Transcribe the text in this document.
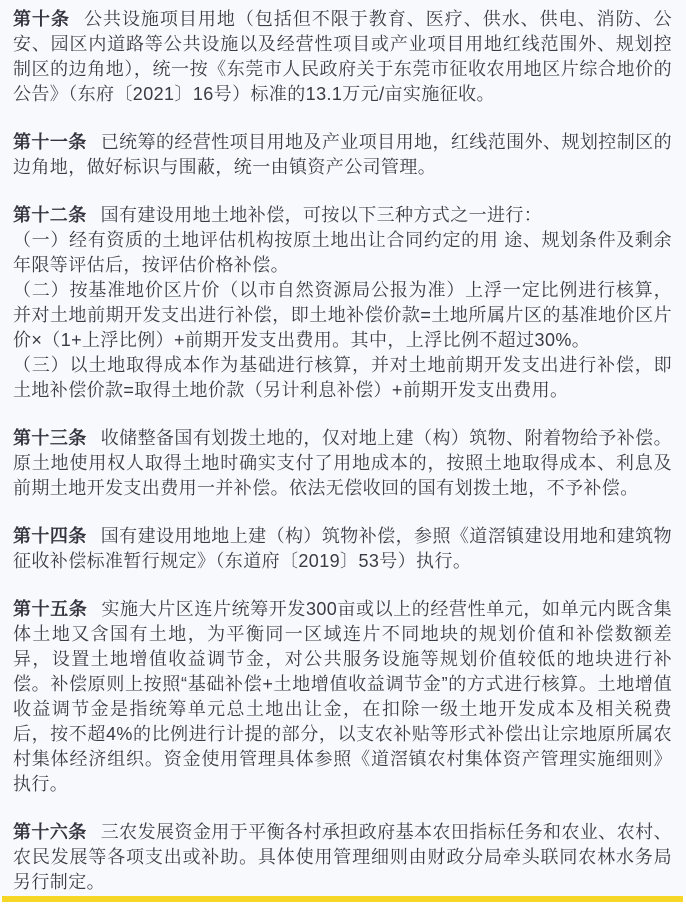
第十条 公共设施项目用地（包括但不限于教育、医疗、供水、供电、消防、公安、园区内道路等公共设施以及经营性项目或产业项目用地红线范围外、规划控制区的边角地），统一按《东莞市人民政府关于东莞市征收农用地区片综合地价的公告》（东府〔2021〕16号）标准的13.1万元/亩实施征收。
第十一条 已统筹的经营性项目用地及产业项目用地，红线范围外、规划控制区的边角地，做好标识与围蔽，统一由镇资产公司管理。
第十二条 国有建设用地土地补偿，可按以下三种方式之一进行：
（一）经有资质的土地评估机构按原土地出让合同约定的用 途、规划条件及剩余年限等评估后，按评估价格补偿。
（二）按基准地价区片价（以市自然资源局公报为准）上浮一定比例进行核算，并对土地前期开发支出进行补偿，即土地补偿价款=土地所属片区的基准地价区片价×（1+上浮比例）+前期开发支出费用。其中，上浮比例不超过30%。
（三）以土地取得成本作为基础进行核算，并对土地前期开发支出进行补偿，即土地补偿价款=取得土地价款（另计利息补偿）+前期开发支出费用。
第十三条 收储整备国有划拨土地的，仅对地上建（构）筑物、附着物给予补偿。原土地使用权人取得土地时确实支付了用地成本的，按照土地取得成本、利息及前期土地开发支出费用一并补偿。依法无偿收回的国有划拨土地，不予补偿。
第十四条 国有建设用地地上建（构）筑物补偿，参照《道滘镇建设用地和建筑物征收补偿标准暂行规定》（东道府〔2019〕53号）执行。
第十五条 实施大片区连片统筹开发300亩或以上的经营性单元，如单元内既含集体土地又含国有土地，为平衡同一区域连片不同地块的规划价值和补偿数额差异，设置土地增值收益调节金，对公共服务设施等规划价值较低的地块进行补偿。补偿原则上按照“基础补偿+土地增值收益调节金”的方式进行核算。土地增值收益调节金是指统筹单元总土地出让金，在扣除一级土地开发成本及相关税费后，按不超4%的比例进行计提的部分，以支农补贴等形式补偿出让宗地原所属农村集体经济组织。资金使用管理具体参照《道滘镇农村集体资产管理实施细则》执行。
第十六条 三农发展资金用于平衡各村承担政府基本农田指标任务和农业、农村、农民发展等各项支出或补助。具体使用管理细则由财政分局牵头联同农林水务局另行制定。
